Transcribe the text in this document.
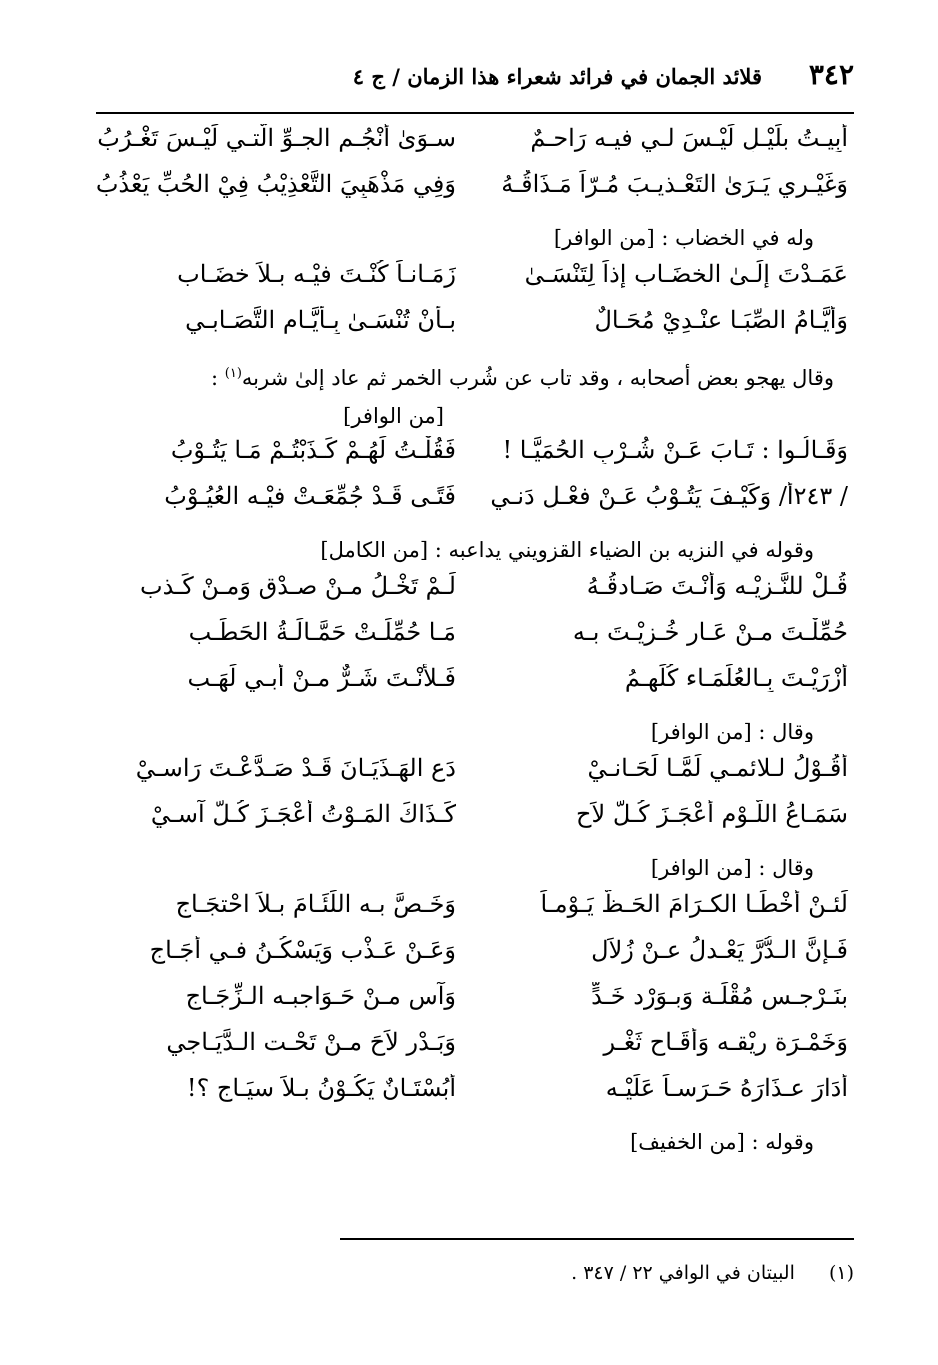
٣٤٢
قلائد الجمان في فرائد شعراء هذا الزمان / ج ٤
أَبِيـتُ بلَيْـلٍ لَيْـسَ لـي فيـه رَاحـمٌ
سـوَىٰ أَنْجُـم الجـوِّ الَّتـي لَيْـسَ تَغْـرُبُ
وَغَيْـرِي يَـرَىٰ التَعْـذيـبَ مُـرّاً مَـذَاقُـهُ
وَفِي مَذْهَبِيَ التَّعْذِيْبُ فِيْ الحُبِّ يَعْذُبُ
وله في الخضاب : [من الوافر]
عَمَـدْتَ إِلَـىٰ الخضَـاب إِذاً لِتَنْسَـىٰ
زَمَـانـاً كُنْـتَ فيْـه بـلاَ خضَـاب
وَأَيَّـامُ الصِّبَـا عنْـدِيْ مُحَـالٌ
بـأَنْ تُنْسَـىٰ بِـأَيَّـام التَّصَـابـي
وقال يهجو بعض أصحابه ، وقد تاب عن شُرب الخمر ثم عاد إلىٰ شربه$^{(١)}$ :
[من الوافر]
وَقَـالُـوا : تَـابَ عَـنْ شُـرْبِ الحُمَيَّـا !
فَقُلْـتُ لَهُـمْ كَـذَبْتُـمْ مَـا يَتُـوْبُ
/ ٢٤٣أ/ وَكَيْـفَ يَتُـوْبُ عَـنْ فعْـلٍ دَنـيٍ
فَتًـى قَـدْ جُمِّعَـتْ فيْـه العُيُـوْبُ
وقوله في النزيه بن الضياء القزويني يداعبه : [من الكامل]
قُـلْ للنَّـزيْـه وَأَنْـتَ صَـادقُـهُ
لَـمْ تَخْـلُ مـنْ صـدْق وَمـنْ كَـذب
حُمِّلْـتَ مـنْ عَـار خُـزيْـتَ بـه
مَـا حُمِّلَـتْ حَمَّـالَـةُ الحَطَـب
أَزْرَيْـتَ بِـالعُلَمَـاء كُلِّهِـمُ
فَـلأَنْـتَ شَـرٌّ مـنْ أَبـي لَهَـب
وقال : [من الوافر]
أَقُـوْلُ لـلائمـي لَمَّـا لَحَـانـيْ
دَع الهَـذَيَـانَ قَـدْ صَـدَّعْـتَ رَاسـيْ
سَمَـاعُ اللَّـوْم أَعْجَـزَ كُـلَّ لاَحٍ
كَـذَاكَ المَـوْتُ أَعْجَـزَ كُـلَّ آسـيْ
وقال : [من الوافر]
لَئـنْ أَخْطَـا الكـرَامَ الحَـظُّ يَـوْمـاً
وَخَـصَّ بـه اللِّئَـامَ بـلاَ احْتجَـاج
فَـإِنَّ الـدُّرَّ يَعْـدلُ عـنْ زُلاَل
وَعَـنْ عَـذْب وَيَسْكُـنُ فـي أُجَـاج
بنَـرْجـس مُقْلَـة وَبـوَرْد خَـدٍّ
وَآس مـنْ حَـوَاجبـه الـزِّجَـاج
وَخَمْـرَة ريْقـه وَأَقَـاح ثَغْـر
وَبَـدْر لاَحَ مـنْ تَحْـت الـدَّيَـاجي
أَدَارَ عـذَارَهُ حَـرَسـاً عَلَيْـه
أَبُسْتَـانٌ يَكُـوْنُ بـلاَ سيَـاجٍ ؟!
وقوله : [من الخفيف]
(١) البيتان في الوافي ٢٢ / ٣٤٧ .
